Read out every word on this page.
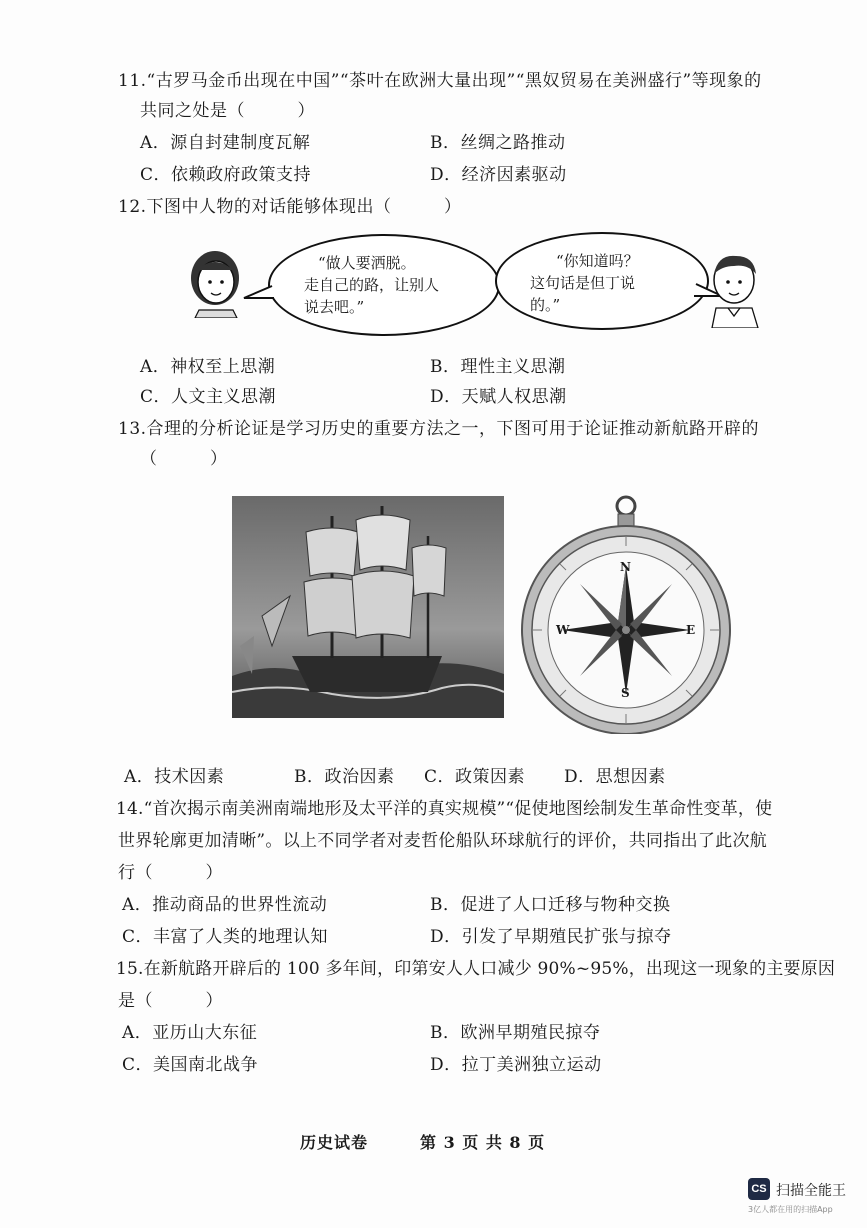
11.“古罗马金币出现在中国”“茶叶在欧洲大量出现”“黑奴贸易在美洲盛行”等现象的
共同之处是（　　　）
A．源自封建制度瓦解	B．丝绸之路推动
C．依赖政府政策支持	D．经济因素驱动
12.下图中人物的对话能够体现出（　　　）
“做人要洒脱。
走自己的路，让别人
说去吧。”
“你知道吗？
这句话是但丁说
的。”
A．神权至上思潮	B．理性主义思潮
C．人文主义思潮	D．天赋人权思潮
13.合理的分析论证是学习历史的重要方法之一，下图可用于论证推动新航路开辟的
（　　　）
N
S
W	E
A．技术因素	B．政治因素 C．政策因素 D．思想因素
14.“首次揭示南美洲南端地形及太平洋的真实规模”“促使地图绘制发生革命性变革，使
世界轮廓更加清晰”。以上不同学者对麦哲伦船队环球航行的评价，共同指出了此次航
行（　　　）
A．推动商品的世界性流动	B．促进了人口迁移与物种交换
C．丰富了人类的地理认知	D．引发了早期殖民扩张与掠夺
15.在新航路开辟后的 100 多年间，印第安人人口减少 90%~95%，出现这一现象的主要原因
是（　　　）
A．亚历山大东征	B．欧洲早期殖民掠夺
C．美国南北战争	D．拉丁美洲独立运动
历史试卷	第 3 页 共 8 页
CS 扫描全能王
3亿人都在用的扫描App
